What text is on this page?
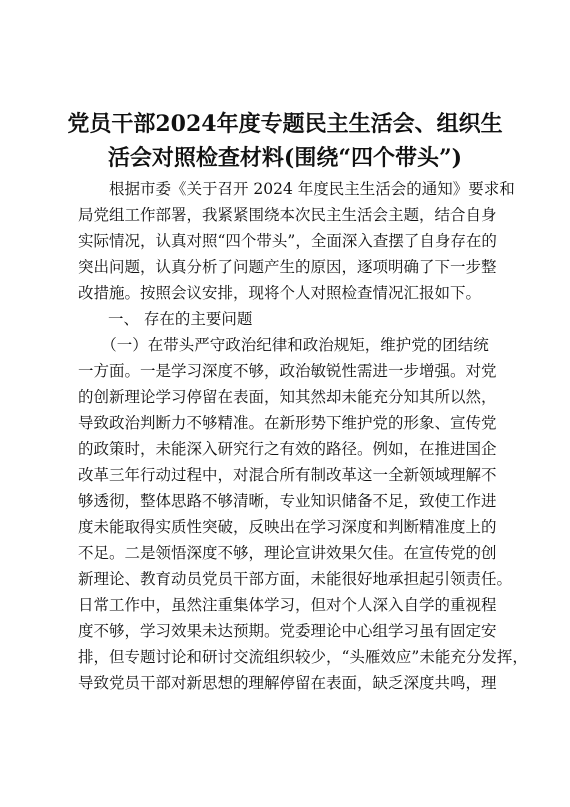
党员干部2024年度专题民主生活会、组织生
活会对照检查材料(围绕“四个带头”)
　　根据市委《关于召开 2024 年度民主生活会的通知》要求和
局党组工作部署，我紧紧围绕本次民主生活会主题，结合自身
实际情况，认真对照“四个带头”，全面深入查摆了自身存在的
突出问题，认真分析了问题产生的原因，逐项明确了下一步整
改措施。按照会议安排，现将个人对照检查情况汇报如下。
一、 存在的主要问题
　　（一）在带头严守政治纪律和政治规矩，维护党的团结统
一方面。一是学习深度不够，政治敏锐性需进一步增强。对党
的创新理论学习停留在表面，知其然却未能充分知其所以然，
导致政治判断力不够精准。在新形势下维护党的形象、宣传党
的政策时，未能深入研究行之有效的路径。例如，在推进国企
改革三年行动过程中，对混合所有制改革这一全新领域理解不
够透彻，整体思路不够清晰，专业知识储备不足，致使工作进
度未能取得实质性突破，反映出在学习深度和判断精准度上的
不足。二是领悟深度不够，理论宣讲效果欠佳。在宣传党的创
新理论、教育动员党员干部方面，未能很好地承担起引领责任。
日常工作中，虽然注重集体学习，但对个人深入自学的重视程
度不够，学习效果未达预期。党委理论中心组学习虽有固定安
排，但专题讨论和研讨交流组织较少，“头雁效应”未能充分发挥，
导致党员干部对新思想的理解停留在表面，缺乏深度共鸣，理
